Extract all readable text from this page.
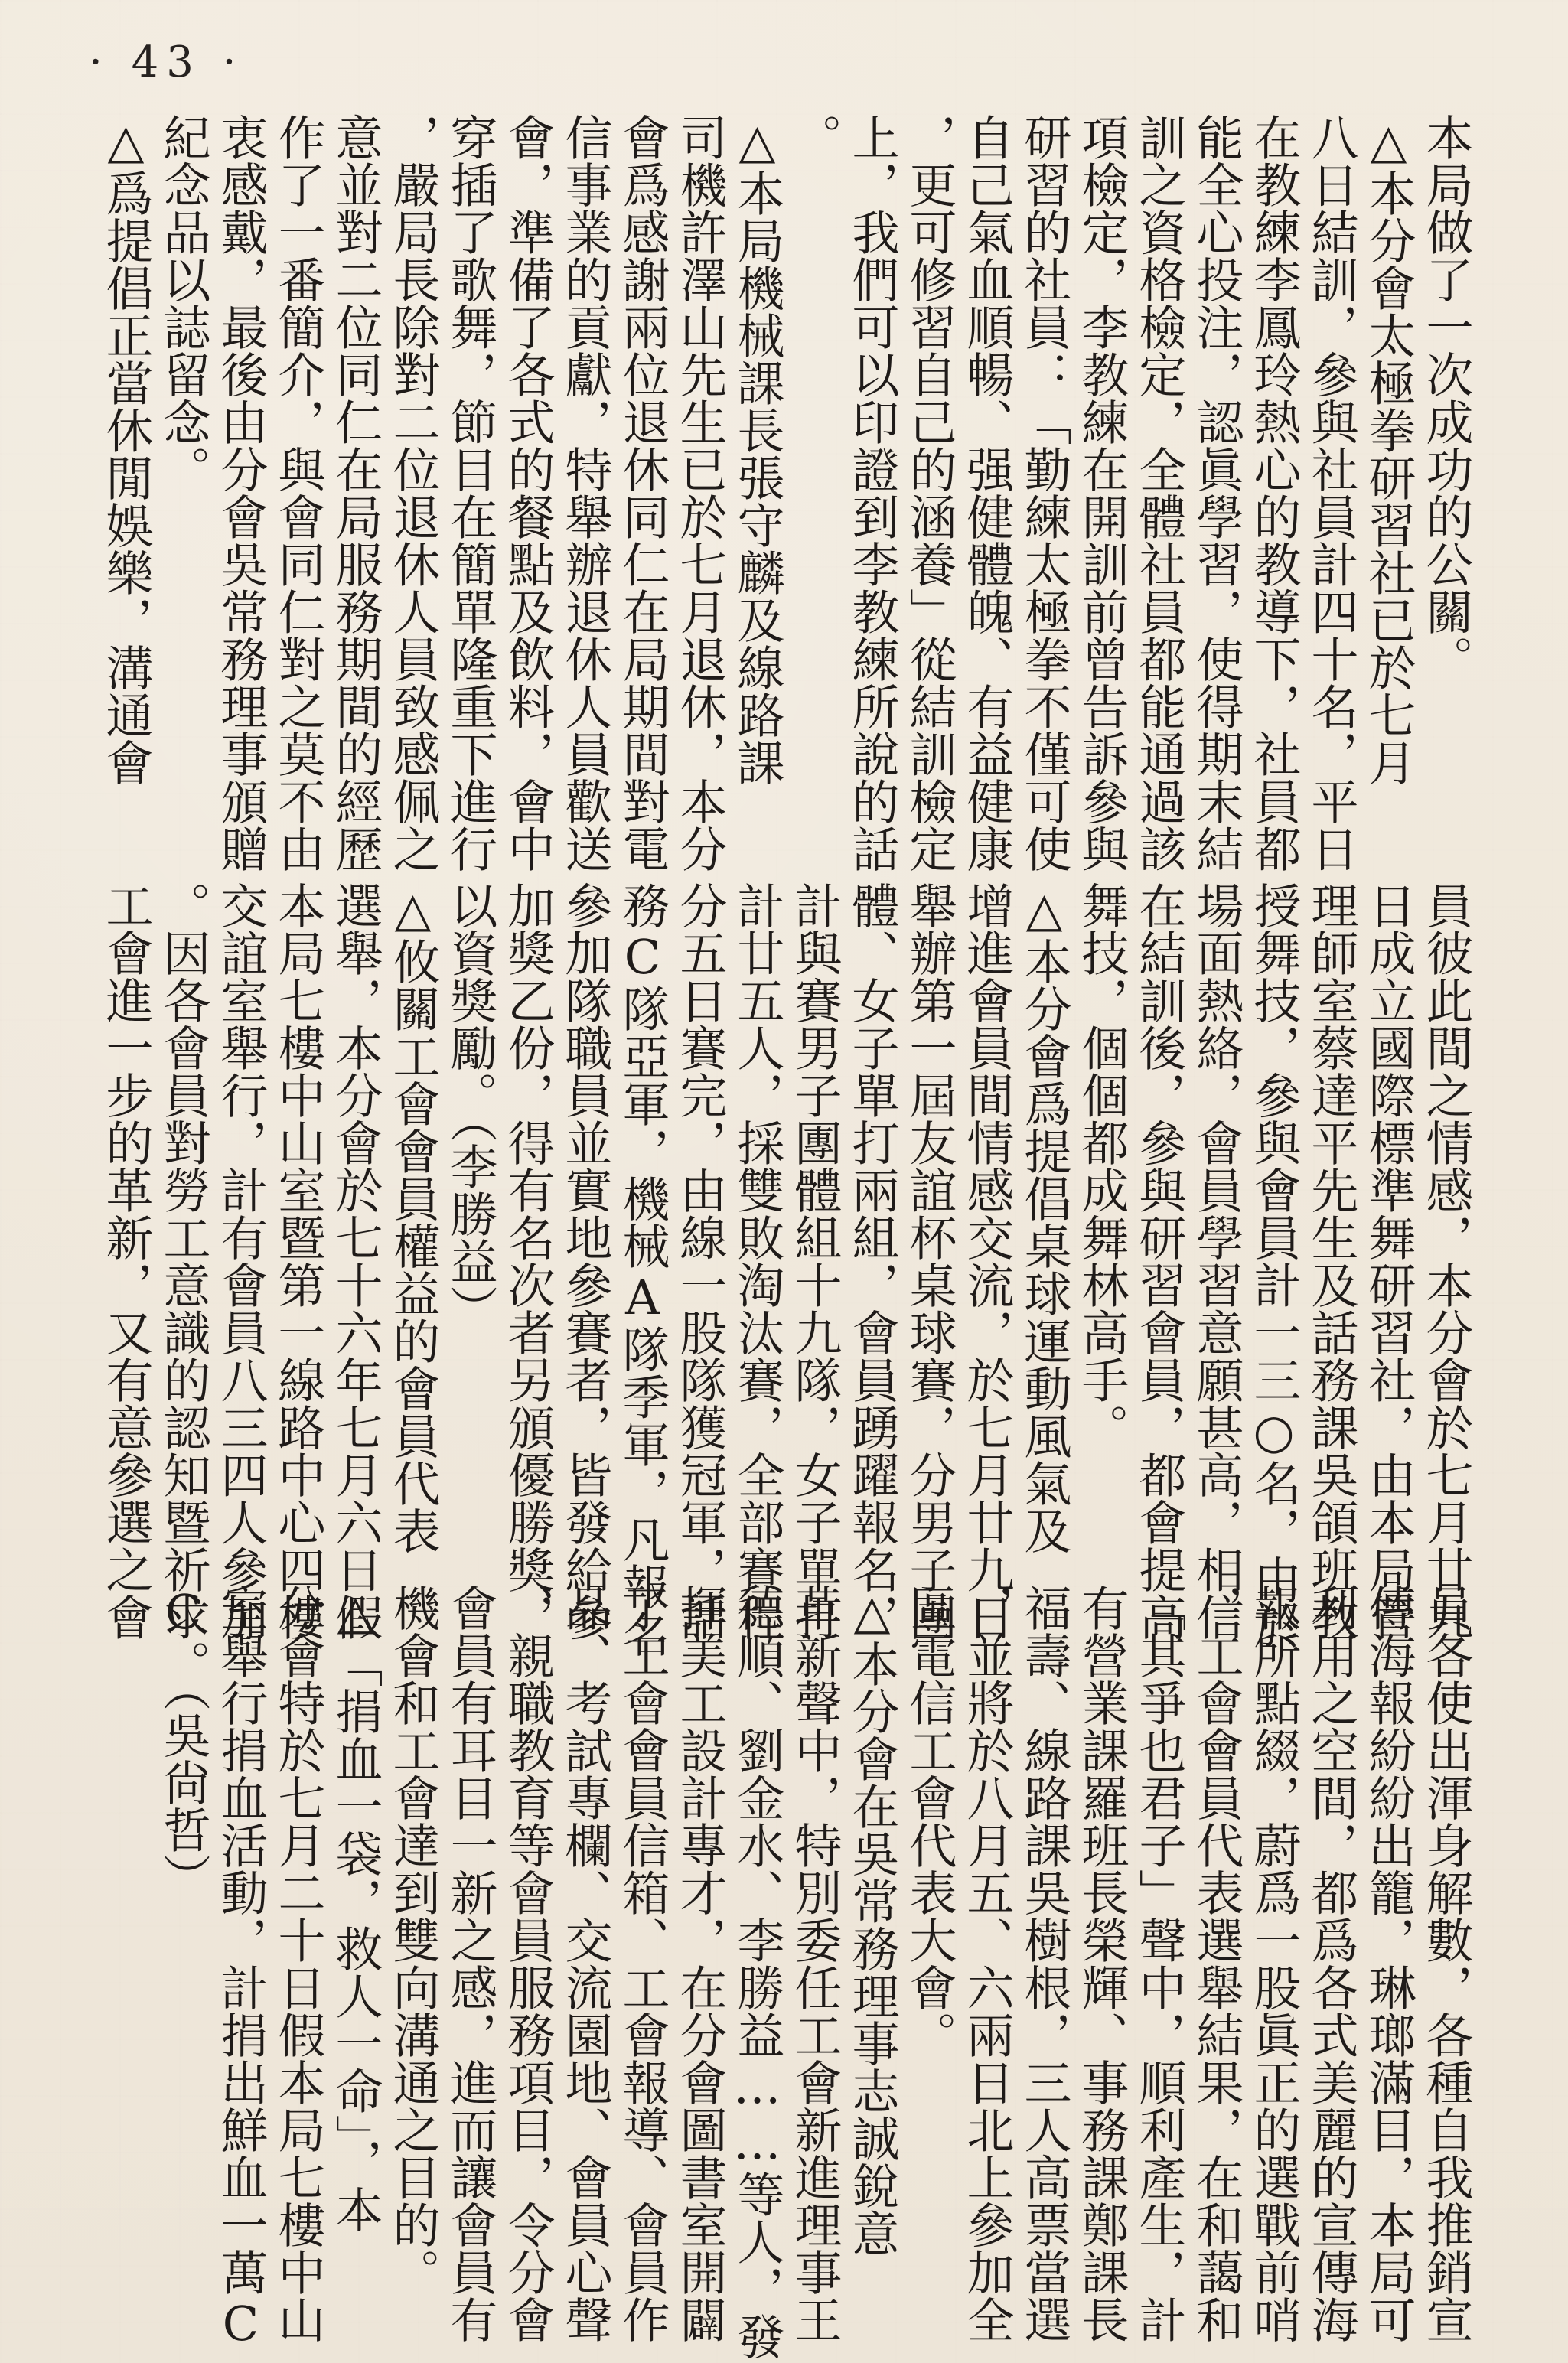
· 43 ·
本局做了一次成功的公關。
△本分會太極拳研習社已於七月
八日結訓，參與社員計四十名，平日
在教練李鳳玲熱心的教導下，社員都
能全心投注，認眞學習，使得期末結
訓之資格檢定，全體社員都能通過該
項檢定，李教練在開訓前曾告訴參與
研習的社員：「勤練太極拳不僅可使
自己氣血順暢、强健體魄、有益健康
，更可修習自己的涵養」從結訓檢定
上，我們可以印證到李教練所說的話
。
△本局機械課長張守麟及線路課
司機許澤山先生已於七月退休，本分
會爲感謝兩位退休同仁在局期間對電
信事業的貢獻，特舉辦退休人員歡送
會，準備了各式的餐點及飲料，會中
穿插了歌舞，節目在簡單隆重下進行
，嚴局長除對二位退休人員致感佩之
意並對二位同仁在局服務期間的經歷
作了一番簡介，與會同仁對之莫不由
衷感戴，最後由分會吳常務理事頒贈
紀念品以誌留念。
△爲提倡正當休閒娛樂，溝通會
員彼此間之情感，本分會於七月廿九
日成立國際標準舞研習社，由本局管
理師室蔡達平先生及話務課吳頜班教
授舞技，參與會員計一三○名，由於
場面熱絡，會員學習意願甚高，相信
在結訓後，參與研習會員，都會提高
舞技，個個都成舞林高手。
△本分會爲提倡桌球運動風氣及
增進會員間情感交流，於七月廿九日
舉辦第一屆友誼杯桌球賽，分男子團
體、女子單打兩組，會員踴躍報名，
計與賽男子團體組十九隊，女子單打
計廿五人，採雙敗淘汰賽，全部賽程
分五日賽完，由線一股隊獲冠軍，話
務C隊亞軍，機械A隊季軍，凡報名
參加隊職員並實地參賽者，皆發給參
加獎乙份，得有名次者另頒優勝獎，
以資獎勵。（李勝益）
△攸關工會會員權益的會員代表
選舉，本分會於七十六年七月六日假
本局七樓中山室暨第一線路中心四樓
交誼室舉行，計有會員八三四人參加
。因各會員對勞工意識的認知暨祈求
工會進一步的革新，又有意參選之會
員各使出渾身解數，各種自我推銷宣
傳海報紛紛出籠，琳瑯滿目，本局可
利用之空間，都爲各式美麗的宣傳海
報所點綴，蔚爲一股眞正的選戰前哨
，工會會員代表選舉結果，在和藹和
「其爭也君子」聲中，順利產生，計
有營業課羅班長榮輝、事務課鄭課長
福壽、線路課吳樹根，三人高票當選
，並將於八月五、六兩日北上參加全
區電信工會代表大會。
△本分會在吳常務理事志誠銳意
革新聲中，特別委任工會新進理事王
德順、劉金水、李勝益……等人，發
揮美工設計專才，在分會圖書室開闢
了工會會員信箱、工會報導、會員作
品、考試專欄、交流園地、會員心聲
、親職教育等會員服務項目，令分會
會員有耳目一新之感，進而讓會員有
機會和工會達到雙向溝通之目的。
△「捐血一袋，救人一命」，本
分會特於七月二十日假本局七樓中山
室舉行捐血活動，計捐出鮮血一萬C
C。（吳尙哲）
